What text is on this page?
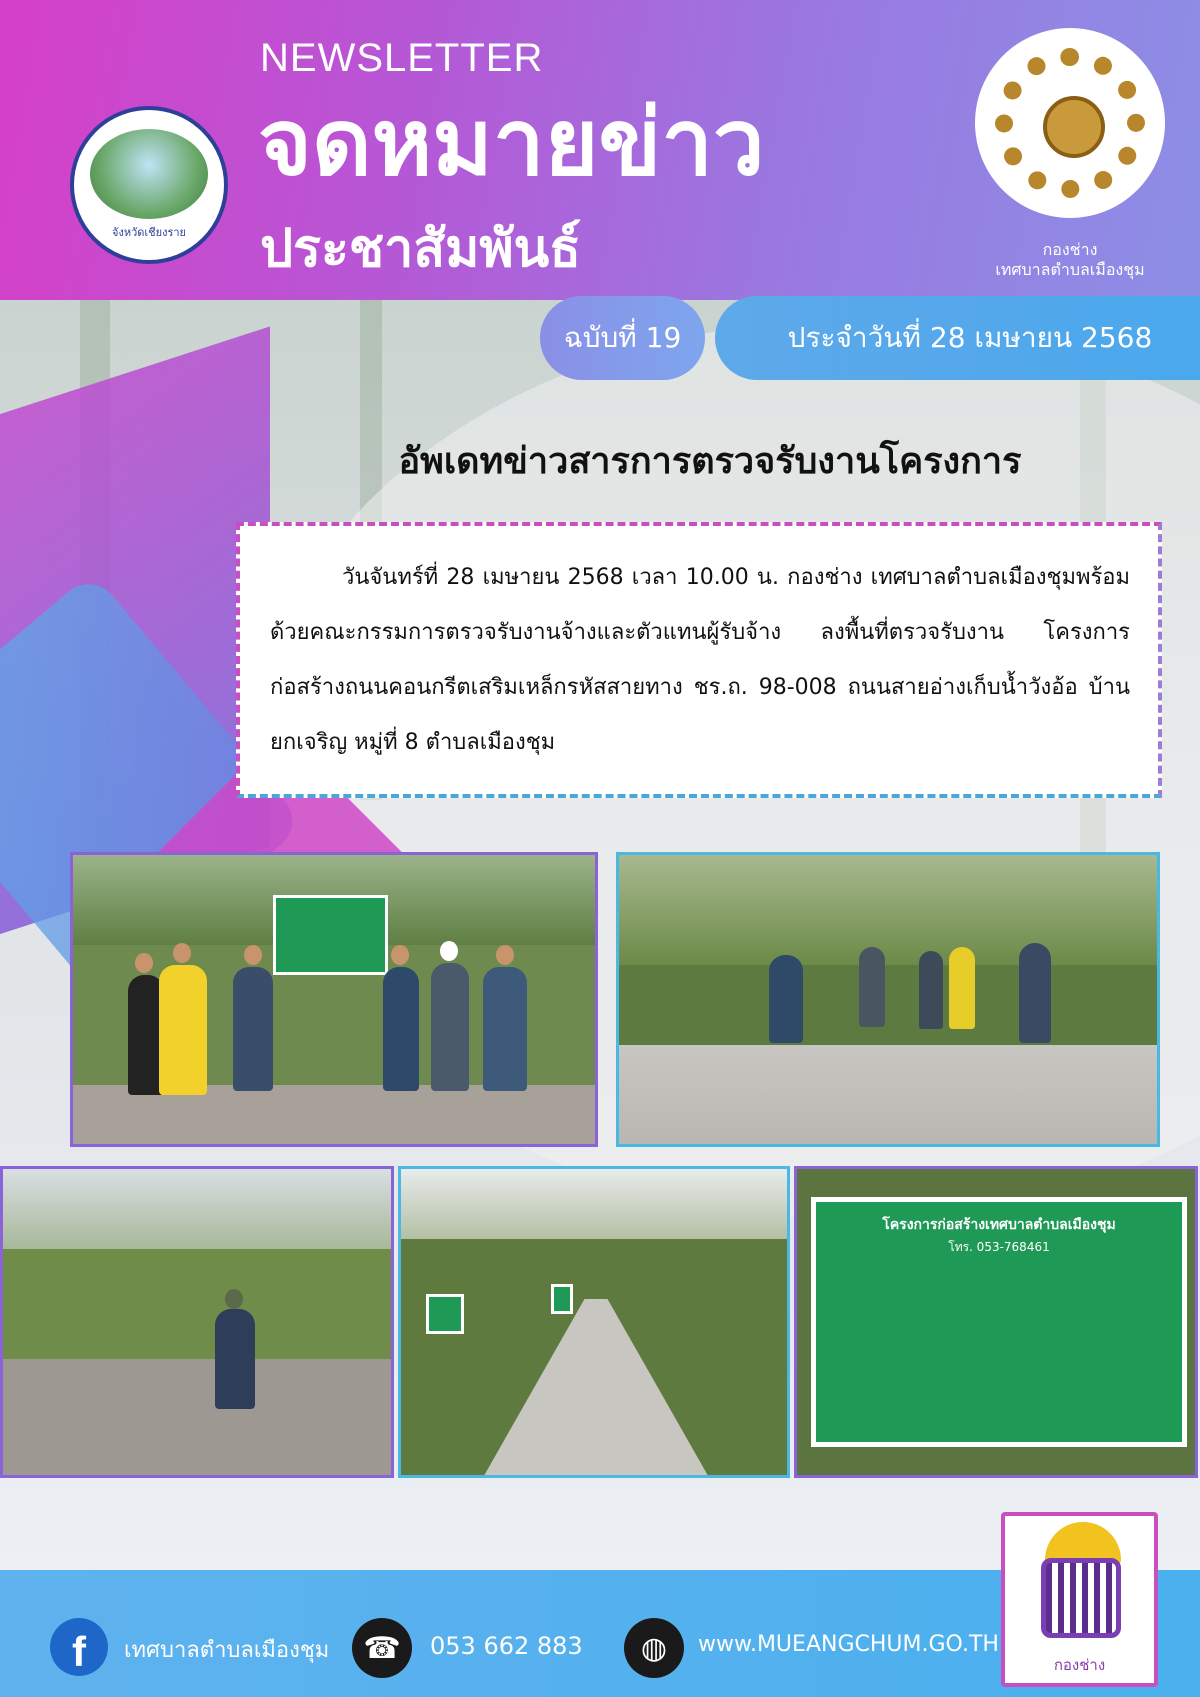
จังหวัดเชียงราย
NEWSLETTER
จดหมายข่าว
ประชาสัมพันธ์	กองช่าง
เทศบาลตำบลเมืองชุม
ฉบับที่ 19	ประจำวันที่ 28 เมษายน 2568
อัพเดทข่าวสารการตรวจรับงานโครงการ

วันจันทร์ที่ 28 เมษายน 2568 เวลา 10.00 น. กองช่าง เทศบาลตำบลเมืองชุมพร้อมด้วยคณะกรรมการตรวจรับงานจ้างและตัวแทนผู้รับจ้าง ลงพื้นที่ตรวจรับงาน โครงการก่อสร้างถนนคอนกรีตเสริมเหล็กรหัสสายทาง ชร.ถ. 98-008 ถนนสายอ่างเก็บน้ำวังอ้อ บ้านยกเจริญ หมู่ที่ 8 ตำบลเมืองชุม

โครงการก่อสร้างเทศบาลตำบลเมืองชุม
โทร. 053-768461
f	เทศบาลตำบลเมืองชุม	☎	053 662 883	◍	www.MUEANGCHUM.GO.TH
กองช่าง
